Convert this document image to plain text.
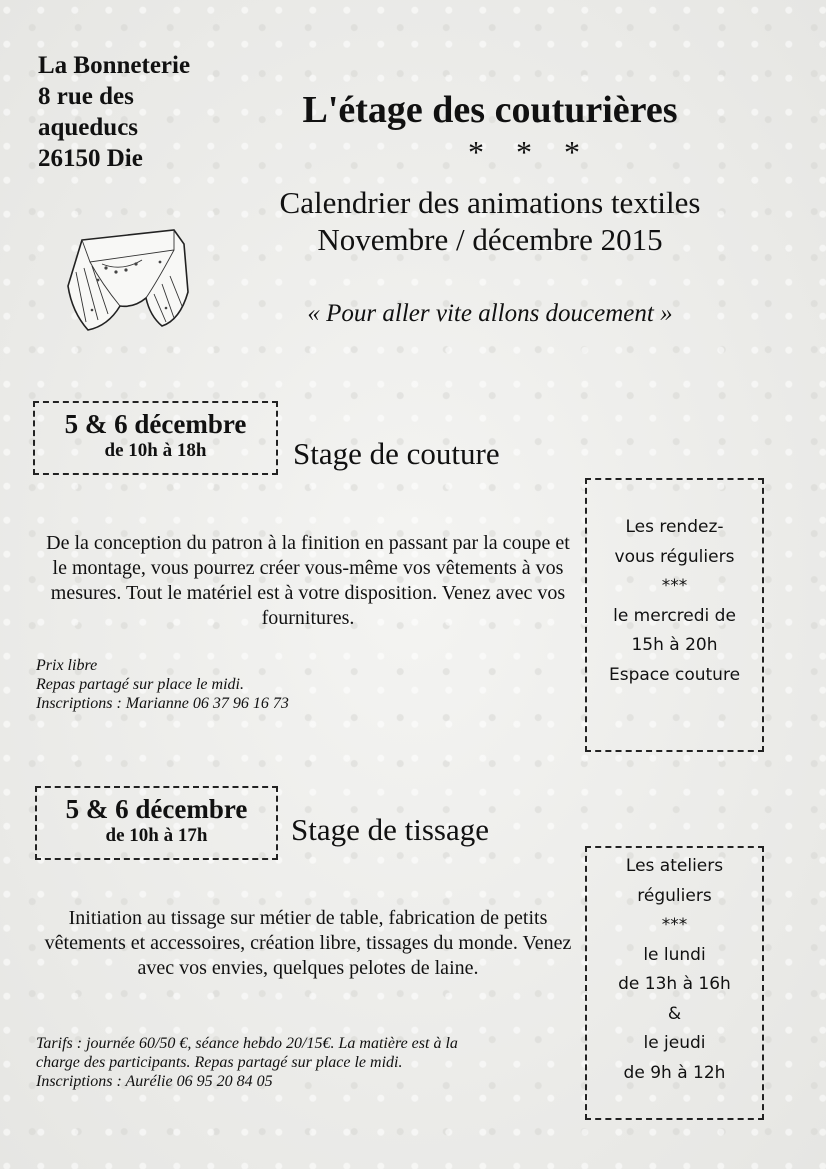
La Bonneterie
8 rue des
aqueducs
26150 Die
L'étage des couturières
* * *
Calendrier des animations textiles
Novembre / décembre 2015
« Pour aller vite allons doucement »
5 & 6 décembre
de 10h à 18h	Stage de couture
De la conception du patron à la finition en passant par la coupe et le montage, vous pourrez créer vous-même vos vêtements à vos mesures. Tout le matériel est à votre disposition. Venez avec vos fournitures.
Prix libre
Repas partagé sur place le midi.
Inscriptions : Marianne 06 37 96 16 73
Les rendez-
vous réguliers
***
le mercredi de
15h à 20h
Espace couture
5 & 6 décembre
de 10h à 17h	Stage de tissage
Initiation au tissage sur métier de table, fabrication de petits vêtements et accessoires, création libre, tissages du monde. Venez avec vos envies, quelques pelotes de laine.
Tarifs : journée 60/50 €, séance hebdo 20/15€. La matière est à la
charge des participants. Repas partagé sur place le midi.
Inscriptions : Aurélie 06 95 20 84 05
Les ateliers
réguliers
***
le lundi
de 13h à 16h
&
le jeudi
de 9h à 12h
